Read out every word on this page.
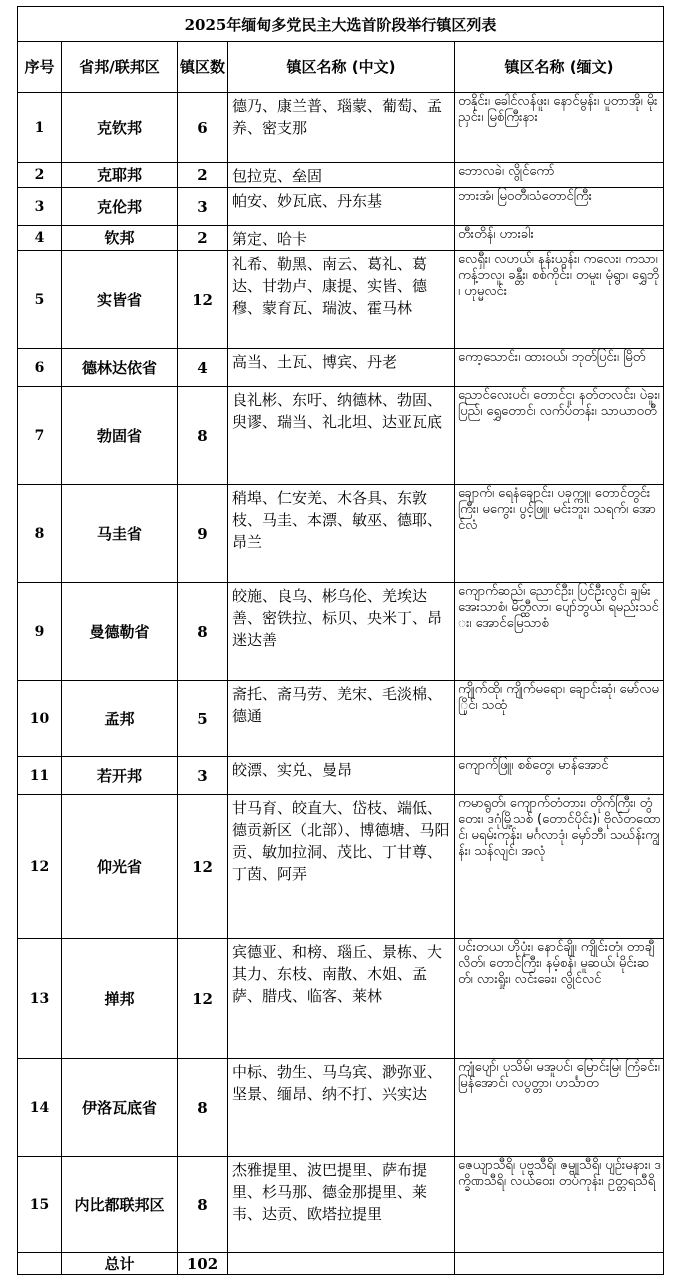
2025年缅甸多党民主大选首阶段举行镇区列表				
序号	省邦/联邦区	镇区数	镇区名称 (中文)	镇区名称 (缅文)
1	克钦邦	6	德乃、康兰普、瑙蒙、葡萄、孟养、密支那	တနိုင်း၊ ခေါင်လန်ဖူး၊ နောင်မွန်း၊ ပူတာအို၊ မိုးညှင်း၊ မြစ်ကြီးနား
2	克耶邦	2	包拉克、垒固	ဘောလခဲ၊ လွိုင်ကော်
3	克伦邦	3	帕安、妙瓦底、丹东基	ဘားအံ၊ မြဝတီ၊သံတောင်ကြီး
4	钦邦	2	第定、哈卡	တီးတိန်၊ ဟားခါး
5	实皆省	12	礼希、勒黑、南云、葛礼、葛达、甘勃卢、康提、实皆、德穆、蒙育瓦、瑞波、霍马林	လေရှီး၊ လဟယ်၊ နန်းယွန်း၊ ကလေး၊ ကသာ၊ ကန့်ဘလူ၊ ခန္တီး၊ စစ်ကိုင်း၊ တမူး၊ မုံရွာ၊ ရွှေဘို၊ ဟုမ္မလင်း
6	德林达依省	4	高当、土瓦、博宾、丹老	ကော့သောင်း၊ ထားဝယ်၊ ဘုတ်ပြင်း၊ မြိတ်
7	勃固省	8	良礼彬、东吁、纳德林、勃固、臾谬、瑞当、礼北坦、达亚瓦底	ညောင်လေးပင်၊ တောင်ငူ၊ နတ်တလင်း၊ ပဲခူး၊ ပြည်၊ ရွှေတောင်၊ လက်ပံတန်း၊ သာယာဝတီ
8	马圭省	9	稍埠、仁安羌、木各具、东敦枝、马圭、本漂、敏巫、德耶、昂兰	ချောက်၊ ရေနံချောင်း၊ ပခုက္ကူ၊ တောင်တွင်းကြီး၊ မကွေး၊ ပွင့်ဖြူ၊ မင်းဘူး၊ သရက်၊ အောင်လံ
9	曼德勒省	8	皎施、良乌、彬乌伦、羌埃达善、密铁拉、标贝、央米丁、昂迷达善	ကျောက်ဆည်၊ ညောင်ဦး၊ ပြင်ဦးလွင်၊ ချမ်းအေးသာစံ၊ မိတ္ထီလာ၊ ပျော်ဘွယ်၊ ရမည်းသင်း၊ အောင်မြေသာစံ
10	孟邦	5	斋托、斋马劳、羌宋、毛淡棉、德通	ကျိုက်ထို၊ ကျိုက်မရော၊ ချောင်းဆုံ၊ မော်လမြိုင်၊ သထုံ
11	若开邦	3	皎漂、实兑、曼昂	ကျောက်ဖြူ၊ စစ်တွေ၊ မာန်အောင်
12	仰光省	12	甘马育、皎直大、岱枝、端低、德贡新区（北部）、博德塘、马阳贡、敏加拉洞、茂比、丁甘尊、丁茵、阿弄	ကမာရွတ်၊ ကျောက်တံတား၊ တိုက်ကြီး၊ တွံတေး၊ ဒဂုံမြို့သစ် (တောင်ပိုင်း)၊ ဗိုလ်တထောင်၊ မရမ်းကုန်း၊ မင်္ဂလာဒုံ၊ မှော်ဘီ၊ သဃ်န်းကျွန်း၊ သန်လျင်၊ အလုံ
13	掸邦	12	宾德亚、和榜、瑙丘、景栋、大其力、东枝、南散、木姐、孟萨、腊戌、临客、莱林	ပင်းတယ၊ ဟိုပုံး၊ နောင်ချို၊ ကျိုင်းတုံ၊ တာချီလိတ်၊ တောင်ကြီး၊ နမ့်စန်၊ မူဆယ်၊ မိုင်းဆတ်၊ လားရှိုး၊ လင်းခေး၊ လွိုင်လင်
14	伊洛瓦底省	8	中标、勃生、马乌宾、渺弥亚、坚景、缅昂、纳不打、兴实达	ကျုံပျော်၊ ပုသိမ်၊ မအူပင်၊ မြောင်းမြ၊ ကြံခင်း၊ မြန်အောင်၊ လပွတ္တာ၊ ဟင်္သာတ
15	内比都联邦区	8	杰雅提里、波巴提里、萨布提里、杉马那、德金那提里、莱韦、达贡、欧塔拉提里	ဇေယျာသီရိ၊ ပုဗ္ဗသီရိ၊ ဇမ္ဗူသီရိ၊ ပျဉ်းမနား၊ ဒက္ခိဏသီရိ၊ လယ်ဝေး၊ တပ်ကုန်း၊ ဥတ္တရသီရိ
	总计	102		
